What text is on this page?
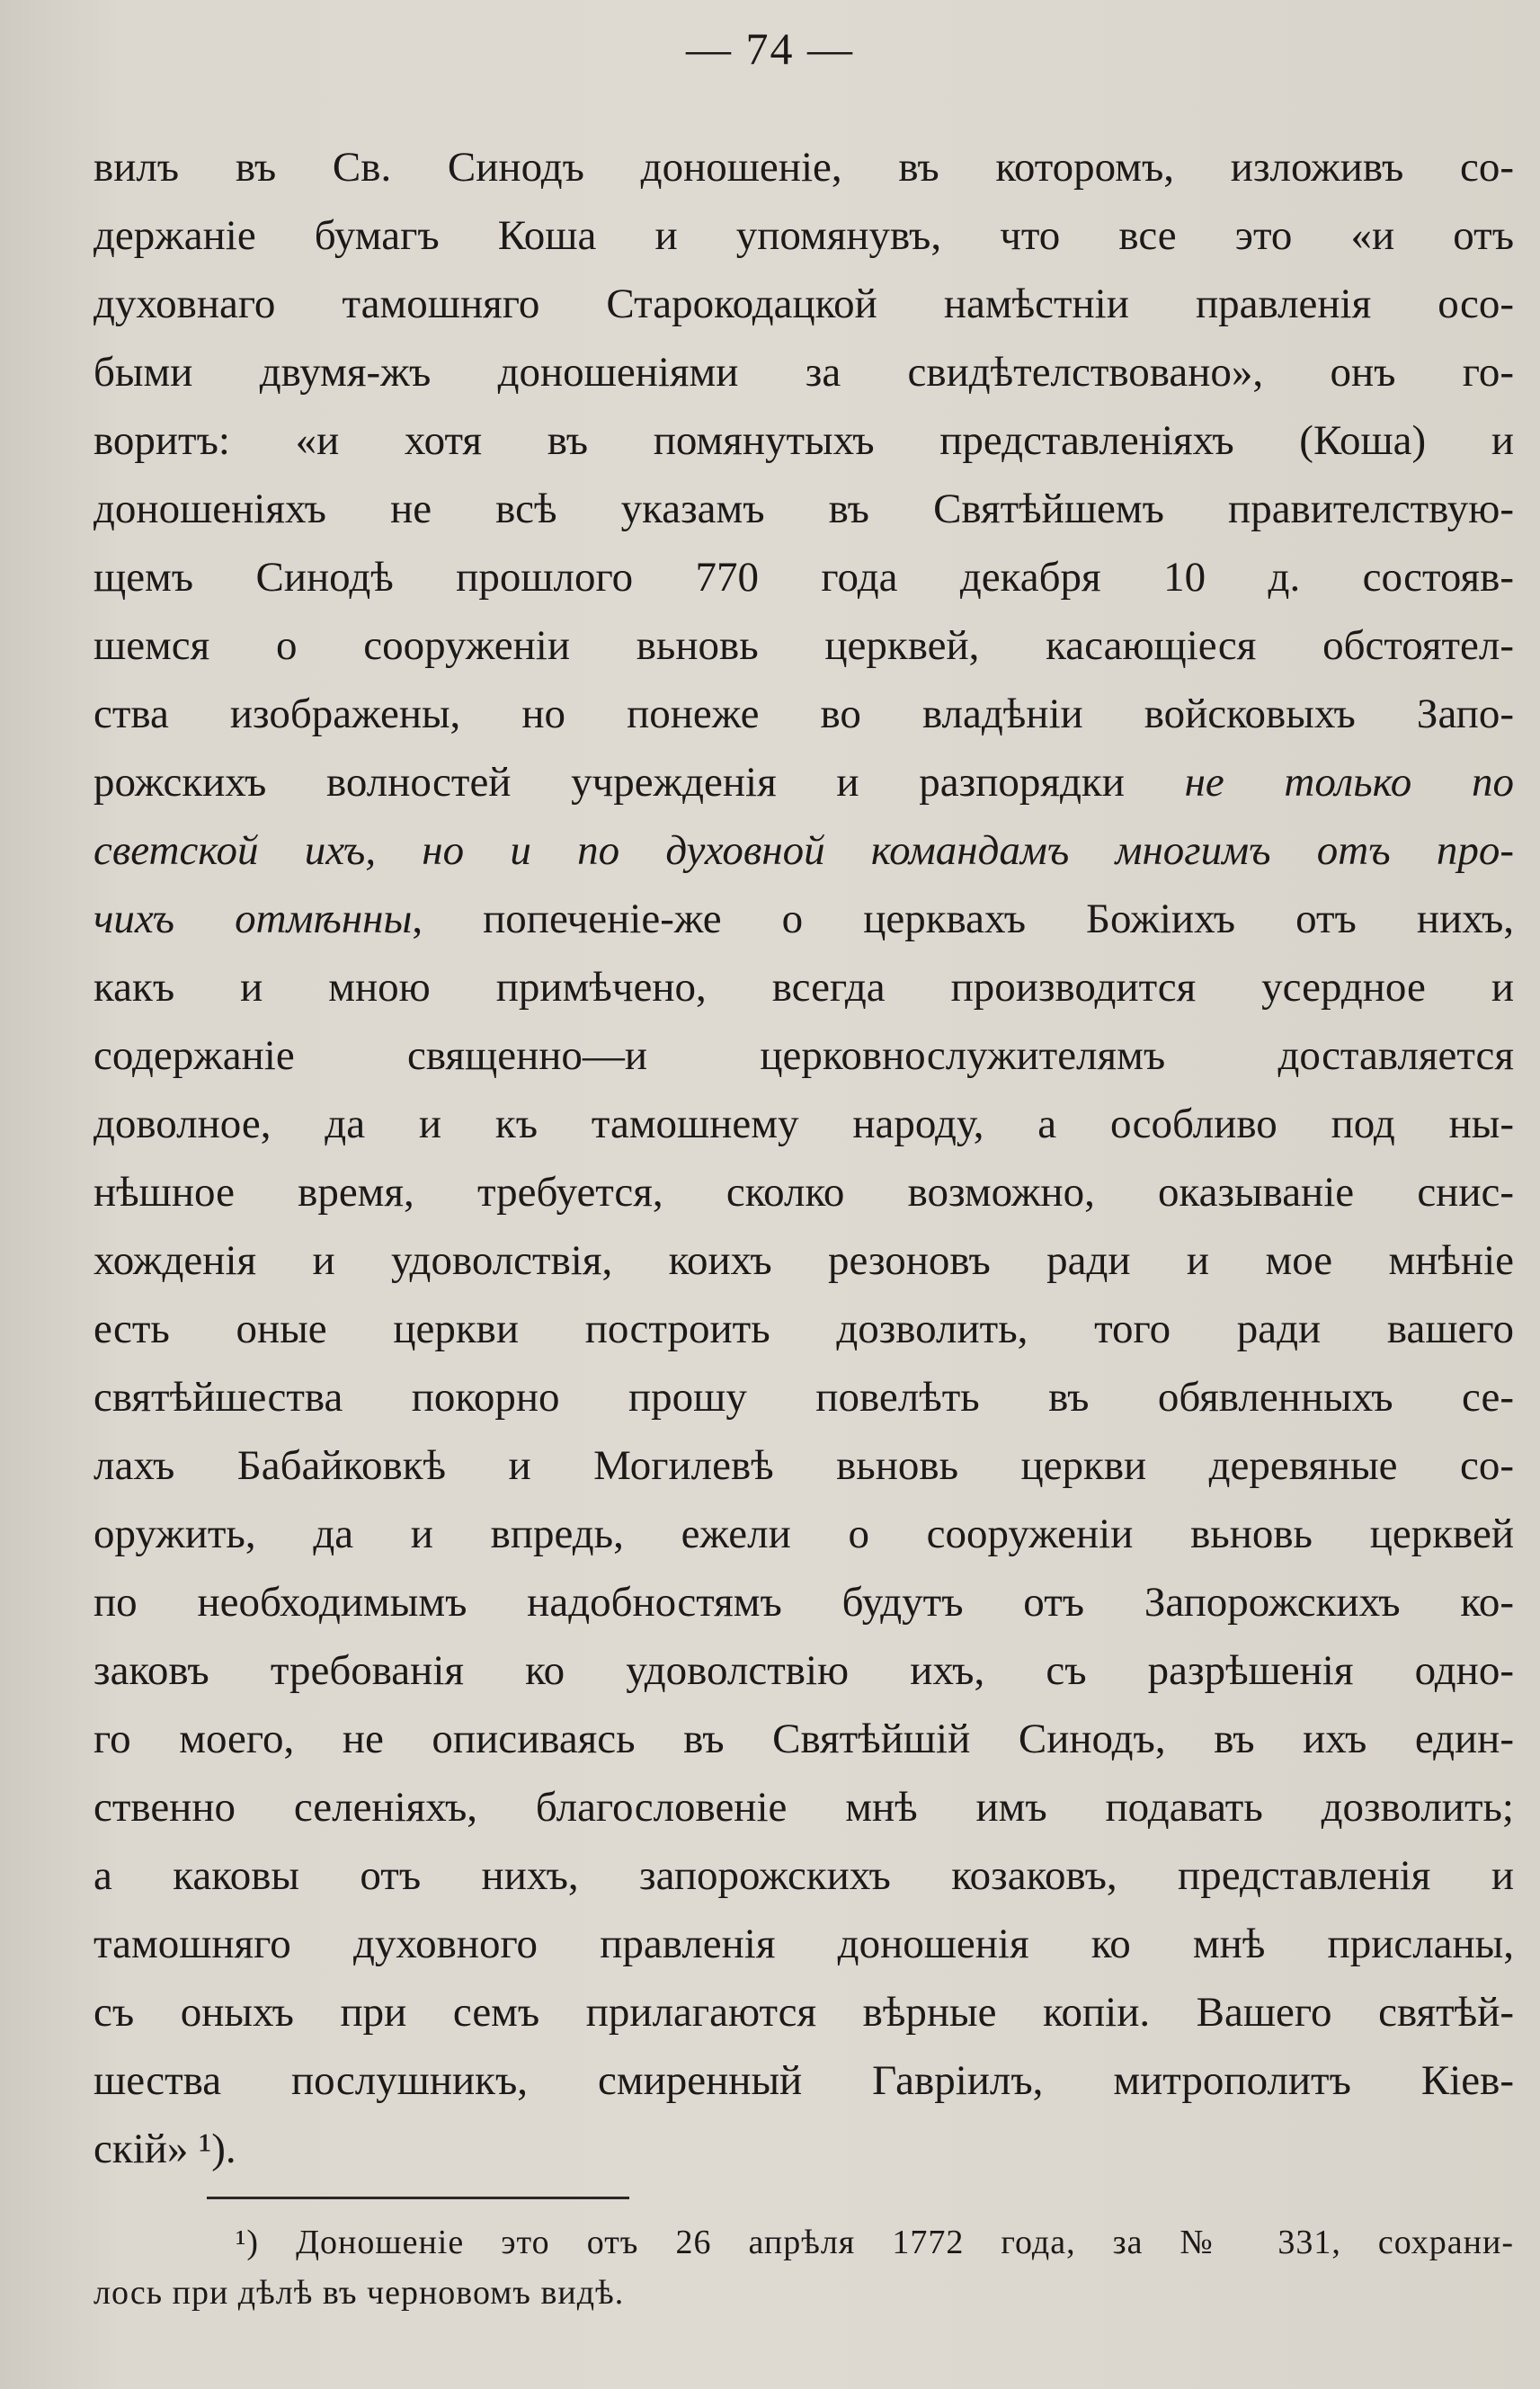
— 74 —
вилъ въ Св. Синодъ доношеніе, въ которомъ, изложивъ со-
держаніе бумагъ Коша и упомянувъ, что все это «и отъ
духовнаго тамошняго Старокодацкой намѣстніи правленія осо-
быми двумя-жъ доношеніями за свидѣтелствовано», онъ го-
воритъ: «и хотя въ помянутыхъ представленіяхъ (Коша) и
доношеніяхъ не всѣ указамъ въ Святѣйшемъ правителствую-
щемъ Синодѣ прошлого 770 года декабря 10 д. состояв-
шемся о сооруженіи вьновь церквей, касающіеся обстоятел-
ства изображены, но понеже во владѣніи войсковыхъ Запо-
рожскихъ волностей учрежденія и разпорядки не только по
светской ихъ, но и по духовной командамъ многимъ отъ про-
чихъ отмѣнны, попеченіе-же о церквахъ Божіихъ отъ нихъ,
какъ и мною примѣчено, всегда производится усердное и
содержаніе священно—и церковнослужителямъ доставляется
доволное, да и къ тамошнему народу, а особливо под ны-
нѣшное время, требуется, сколко возможно, оказываніе снис-
хожденія и удоволствія, коихъ резоновъ ради и мое мнѣніе
есть оные церкви построить дозволить, того ради вашего
святѣйшества покорно прошу повелѣть въ обявленныхъ се-
лахъ Бабайковкѣ и Могилевѣ вьновь церкви деревяные со-
оружить, да и впредь, ежели о сооруженіи вьновь церквей
по необходимымъ надобностямъ будутъ отъ Запорожскихъ ко-
заковъ требованія ко удоволствію ихъ, съ разрѣшенія одно-
го моего, не описиваясь въ Святѣйшій Синодъ, въ ихъ един-
ственно селеніяхъ, благословеніе мнѣ имъ подавать дозволить;
а каковы отъ нихъ, запорожскихъ козаковъ, представленія и
тамошняго духовного правленія доношенія ко мнѣ присланы,
съ оныхъ при семъ прилагаются вѣрные копіи. Вашего святѣй-
шества послушникъ, смиренный Гавріилъ, митрополитъ Кіев-
скій» ¹).
¹) Доношеніе это отъ 26 апрѣля 1772 года, за № 331, сохрани-
лось при дѣлѣ въ черновомъ видѣ.
